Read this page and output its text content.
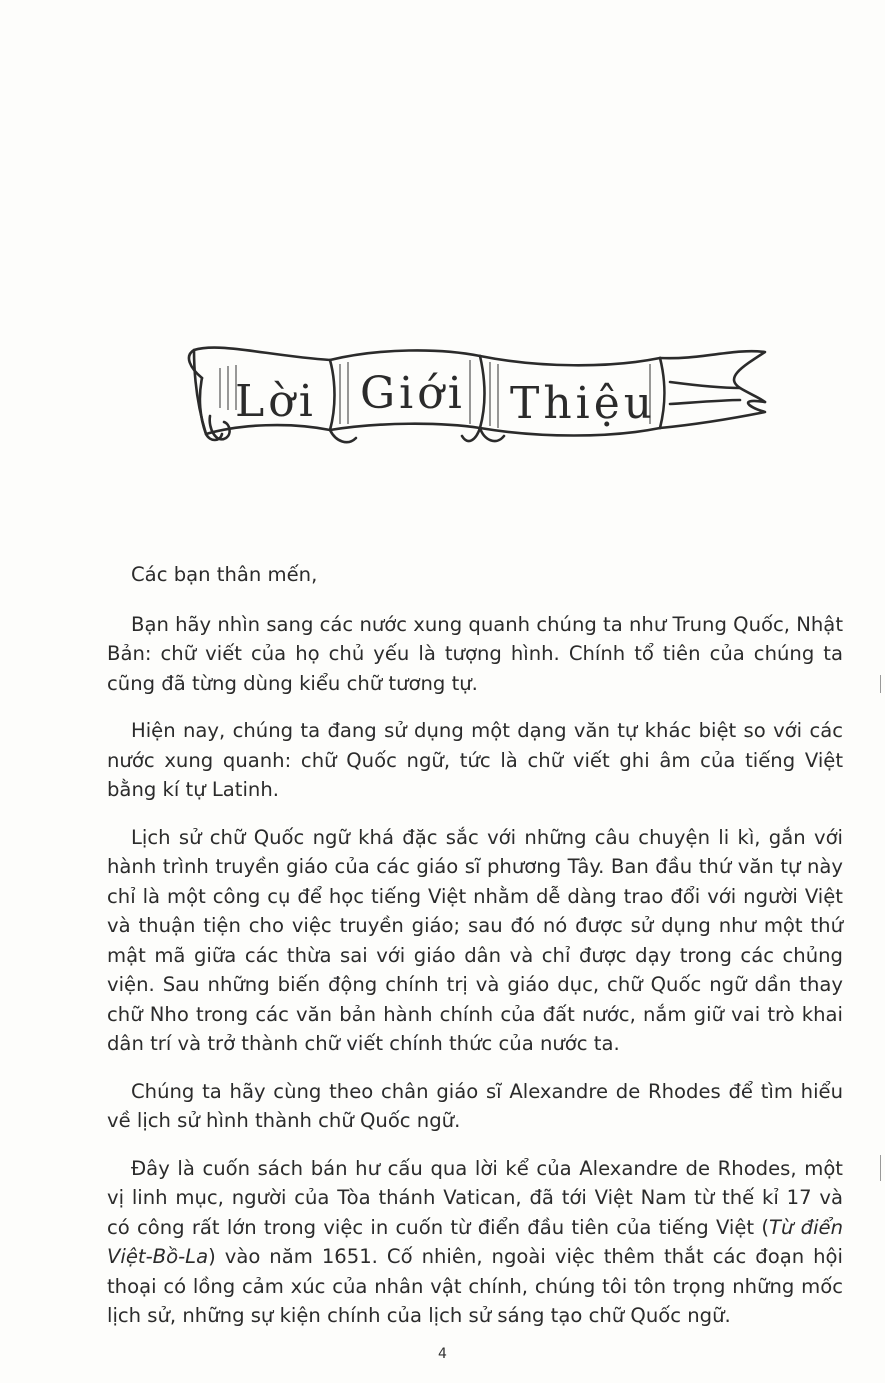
Lời Giới Thiệu

Các bạn thân mến,

Bạn hãy nhìn sang các nước xung quanh chúng ta như Trung Quốc, Nhật Bản: chữ viết của họ chủ yếu là tượng hình. Chính tổ tiên của chúng ta cũng đã từng dùng kiểu chữ tương tự.

Hiện nay, chúng ta đang sử dụng một dạng văn tự khác biệt so với các nước xung quanh: chữ Quốc ngữ, tức là chữ viết ghi âm của tiếng Việt bằng kí tự Latinh.

Lịch sử chữ Quốc ngữ khá đặc sắc với những câu chuyện li kì, gắn với hành trình truyền giáo của các giáo sĩ phương Tây. Ban đầu thứ văn tự này chỉ là một công cụ để học tiếng Việt nhằm dễ dàng trao đổi với người Việt và thuận tiện cho việc truyền giáo; sau đó nó được sử dụng như một thứ mật mã giữa các thừa sai với giáo dân và chỉ được dạy trong các chủng viện. Sau những biến động chính trị và giáo dục, chữ Quốc ngữ dần thay chữ Nho trong các văn bản hành chính của đất nước, nắm giữ vai trò khai dân trí và trở thành chữ viết chính thức của nước ta.

Chúng ta hãy cùng theo chân giáo sĩ Alexandre de Rhodes để tìm hiểu về lịch sử hình thành chữ Quốc ngữ.

Đây là cuốn sách bán hư cấu qua lời kể của Alexandre de Rhodes, một vị linh mục, người của Tòa thánh Vatican, đã tới Việt Nam từ thế kỉ 17 và có công rất lớn trong việc in cuốn từ điển đầu tiên của tiếng Việt (Từ điển Việt-Bồ-La) vào năm 1651. Cố nhiên, ngoài việc thêm thắt các đoạn hội thoại có lồng cảm xúc của nhân vật chính, chúng tôi tôn trọng những mốc lịch sử, những sự kiện chính của lịch sử sáng tạo chữ Quốc ngữ.

4
